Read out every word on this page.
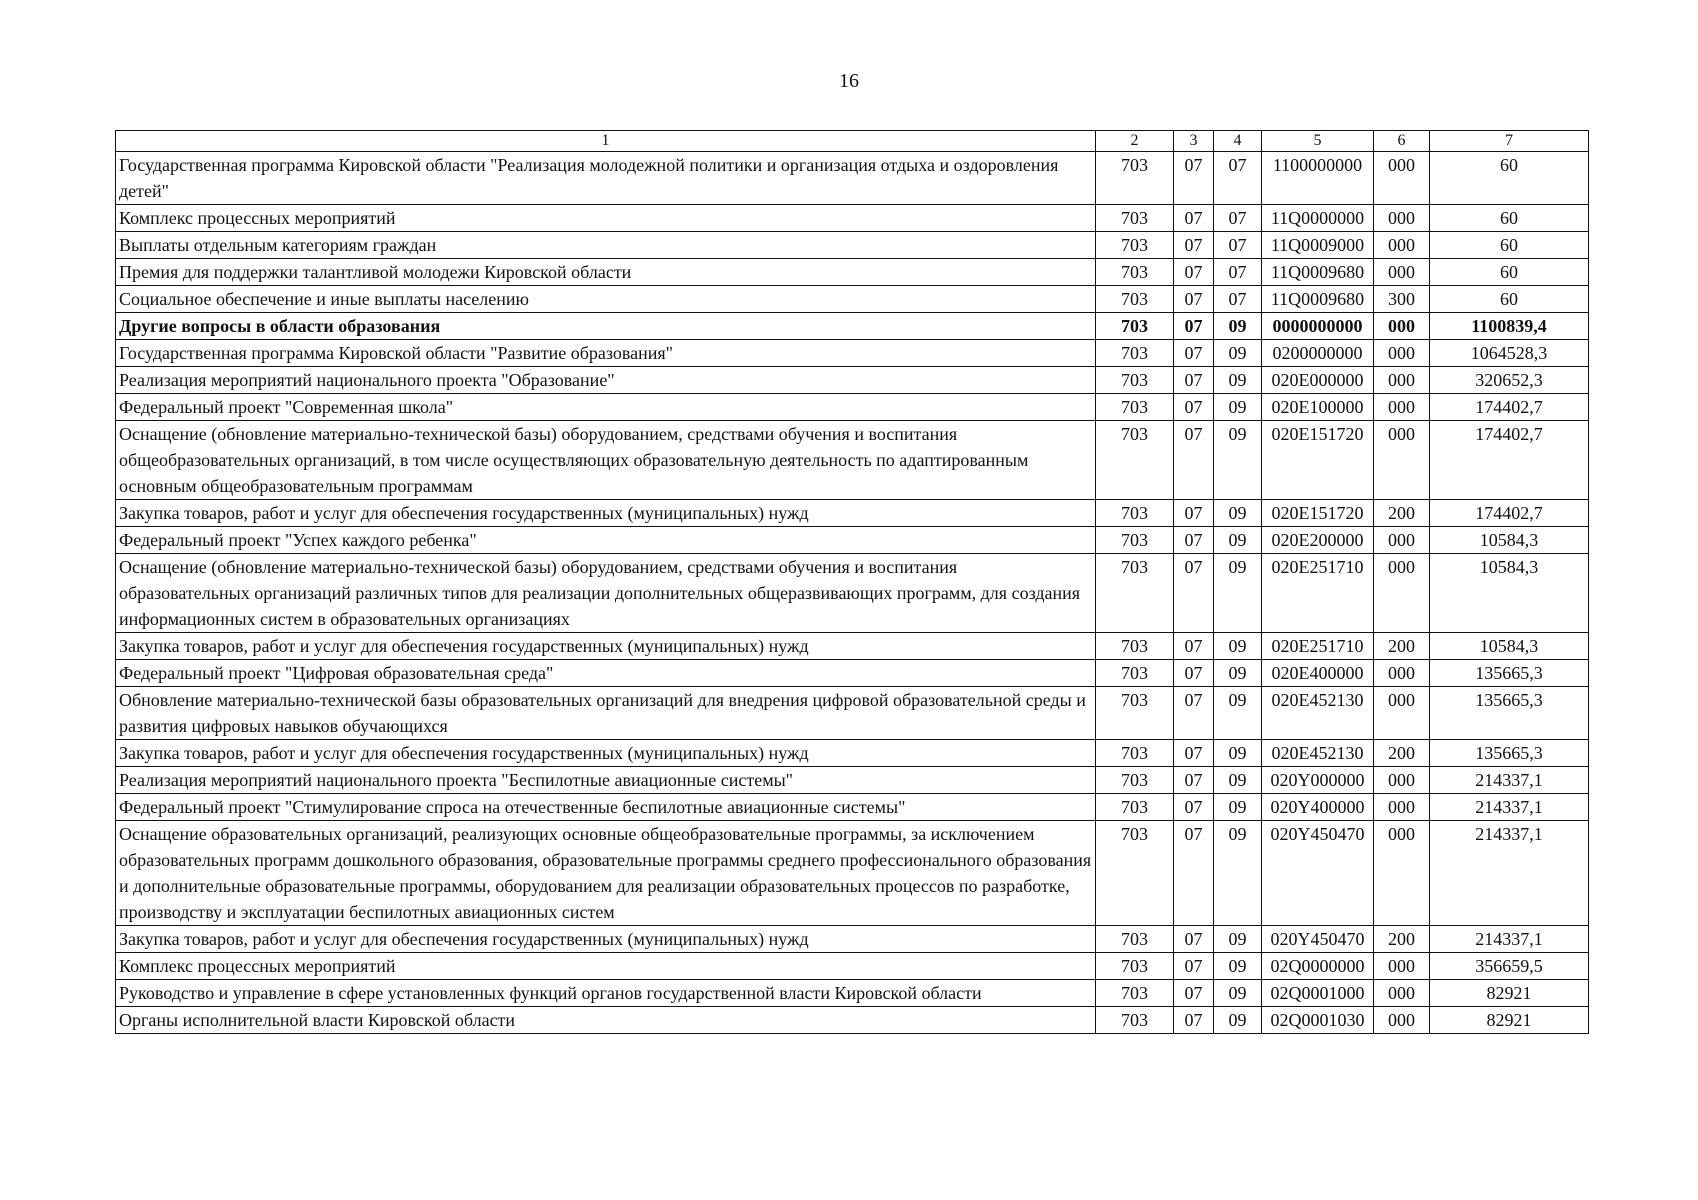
16
1	2	3	4	5	6	7
Государственная программа Кировской области "Реализация молодежной политики и организация отдыха и оздоровления детей"	703	07	07	1100000000	000	60
Комплекс процессных мероприятий	703	07	07	11Q0000000	000	60
Выплаты отдельным категориям граждан	703	07	07	11Q0009000	000	60
Премия для поддержки талантливой молодежи Кировской области	703	07	07	11Q0009680	000	60
Социальное обеспечение и иные выплаты населению	703	07	07	11Q0009680	300	60
Другие вопросы в области образования	703	07	09	0000000000	000	1100839,4
Государственная программа Кировской области "Развитие образования"	703	07	09	0200000000	000	1064528,3
Реализация мероприятий национального проекта "Образование"	703	07	09	020E000000	000	320652,3
Федеральный проект "Современная школа"	703	07	09	020E100000	000	174402,7
Оснащение (обновление материально-технической базы) оборудованием, средствами обучения и воспитания общеобразовательных организаций, в том числе осуществляющих образовательную деятельность по адаптированным основным общеобразовательным программам	703	07	09	020E151720	000	174402,7
Закупка товаров, работ и услуг для обеспечения государственных (муниципальных) нужд	703	07	09	020E151720	200	174402,7
Федеральный проект "Успех каждого ребенка"	703	07	09	020E200000	000	10584,3
Оснащение (обновление материально-технической базы) оборудованием, средствами обучения и воспитания образовательных организаций различных типов для реализации дополнительных общеразвивающих программ, для создания информационных систем в образовательных организациях	703	07	09	020E251710	000	10584,3
Закупка товаров, работ и услуг для обеспечения государственных (муниципальных) нужд	703	07	09	020E251710	200	10584,3
Федеральный проект "Цифровая образовательная среда"	703	07	09	020E400000	000	135665,3
Обновление материально-технической базы образовательных организаций для внедрения цифровой образовательной среды и развития цифровых навыков обучающихся	703	07	09	020E452130	000	135665,3
Закупка товаров, работ и услуг для обеспечения государственных (муниципальных) нужд	703	07	09	020E452130	200	135665,3
Реализация мероприятий национального проекта "Беспилотные авиационные системы"	703	07	09	020Y000000	000	214337,1
Федеральный проект "Стимулирование спроса на отечественные беспилотные авиационные системы"	703	07	09	020Y400000	000	214337,1
Оснащение образовательных организаций, реализующих основные общеобразовательные программы, за исключением образовательных программ дошкольного образования, образовательные программы среднего профессионального образования и дополнительные образовательные программы, оборудованием для реализации образовательных процессов по разработке, производству и эксплуатации беспилотных авиационных систем	703	07	09	020Y450470	000	214337,1
Закупка товаров, работ и услуг для обеспечения государственных (муниципальных) нужд	703	07	09	020Y450470	200	214337,1
Комплекс процессных мероприятий	703	07	09	02Q0000000	000	356659,5
Руководство и управление в сфере установленных функций органов государственной власти Кировской области	703	07	09	02Q0001000	000	82921
Органы исполнительной власти Кировской области	703	07	09	02Q0001030	000	82921
